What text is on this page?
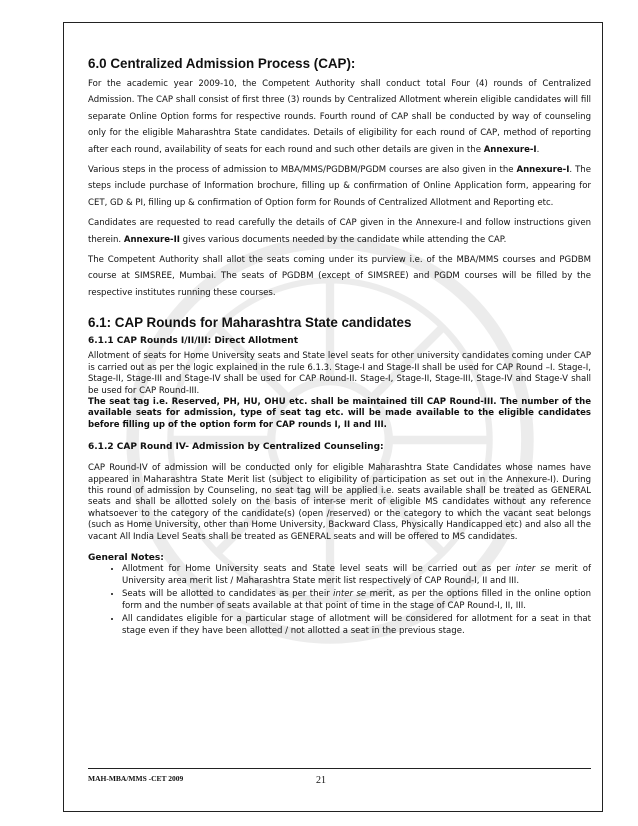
6.0 Centralized Admission Process (CAP):

For the academic year 2009-10, the Competent Authority shall conduct total Four (4) rounds of Centralized Admission. The CAP shall consist of first three (3) rounds by Centralized Allotment wherein eligible candidates will fill separate Online Option forms for respective rounds. Fourth round of CAP shall be conducted by way of counseling only for the eligible Maharashtra State candidates. Details of eligibility for each round of CAP, method of reporting after each round, availability of seats for each round and such other details are given in the Annexure-I.

Various steps in the process of admission to MBA/MMS/PGDBM/PGDM courses are also given in the Annexure-I. The steps include purchase of Information brochure, filling up & confirmation of Online Application form, appearing for CET, GD & PI, filling up & confirmation of Option form for Rounds of Centralized Allotment and Reporting etc.

Candidates are requested to read carefully the details of CAP given in the Annexure-I and follow instructions given therein. Annexure-II gives various documents needed by the candidate while attending the CAP.

The Competent Authority shall allot the seats coming under its purview i.e. of the MBA/MMS courses and PGDBM course at SIMSREE, Mumbai. The seats of PGDBM (except of SIMSREE) and PGDM courses will be filled by the respective institutes running these courses.

6.1: CAP Rounds for Maharashtra State candidates

6.1.1 CAP Rounds I/II/III: Direct Allotment

Allotment of seats for Home University seats and State level seats for other university candidates coming under CAP is carried out as per the logic explained in the rule 6.1.3. Stage-I and Stage-II shall be used for CAP Round –I. Stage-I, Stage-II, Stage-III and Stage-IV shall be used for CAP Round-II. Stage-I, Stage-II, Stage-III, Stage-IV and Stage-V shall be used for CAP Round-III.

The seat tag i.e. Reserved, PH, HU, OHU etc. shall be maintained till CAP Round-III. The number of the available seats for admission, type of seat tag etc. will be made available to the eligible candidates before filling up of the option form for CAP rounds I, II and III.

6.1.2 CAP Round IV- Admission by Centralized Counseling:

CAP Round-IV of admission will be conducted only for eligible Maharashtra State Candidates whose names have appeared in Maharashtra State Merit list (subject to eligibility of participation as set out in the Annexure-I). During this round of admission by Counseling, no seat tag will be applied i.e. seats available shall be treated as GENERAL seats and shall be allotted solely on the basis of inter-se merit of eligible MS candidates without any reference whatsoever to the category of the candidate(s) (open /reserved) or the category to which the vacant seat belongs (such as Home University, other than Home University, Backward Class, Physically Handicapped etc) and also all the vacant All India Level Seats shall be treated as GENERAL seats and will be offered to MS candidates.

General Notes:

• Allotment for Home University seats and State level seats will be carried out as per inter se merit of University area merit list / Maharashtra State merit list respectively of CAP Round-I, II and III.
• Seats will be allotted to candidates as per their inter se merit, as per the options filled in the online option form and the number of seats available at that point of time in the stage of CAP Round-I, II, III.
• All candidates eligible for a particular stage of allotment will be considered for allotment for a seat in that stage even if they have been allotted / not allotted a seat in the previous stage.
MAH-MBA/MMS -CET 2009	21
